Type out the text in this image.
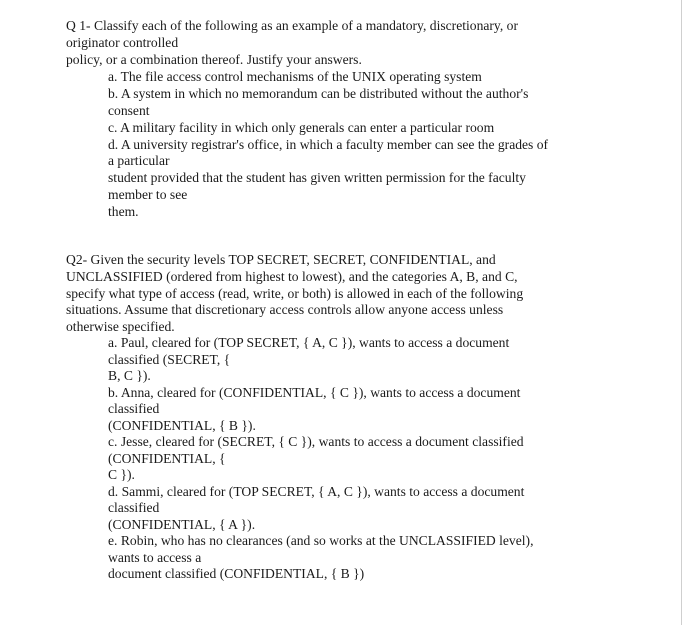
Q 1- Classify each of the following as an example of a mandatory, discretionary, or

originator controlled

policy, or a combination thereof. Justify your answers.

a. The file access control mechanisms of the UNIX operating system

b. A system in which no memorandum can be distributed without the author's

consent

c. A military facility in which only generals can enter a particular room

d. A university registrar's office, in which a faculty member can see the grades of

a particular

student provided that the student has given written permission for the faculty

member to see

them.

Q2- Given the security levels TOP SECRET, SECRET, CONFIDENTIAL, and

UNCLASSIFIED (ordered from highest to lowest), and the categories A, B, and C,

specify what type of access (read, write, or both) is allowed in each of the following

situations. Assume that discretionary access controls allow anyone access unless

otherwise specified.

a. Paul, cleared for (TOP SECRET, { A, C }), wants to access a document

classified (SECRET, {

B, C }).

b. Anna, cleared for (CONFIDENTIAL, { C }), wants to access a document

classified

(CONFIDENTIAL, { B }).

c. Jesse, cleared for (SECRET, { C }), wants to access a document classified

(CONFIDENTIAL, {

C }).

d. Sammi, cleared for (TOP SECRET, { A, C }), wants to access a document

classified

(CONFIDENTIAL, { A }).

e. Robin, who has no clearances (and so works at the UNCLASSIFIED level),

wants to access a

document classified (CONFIDENTIAL, { B })
